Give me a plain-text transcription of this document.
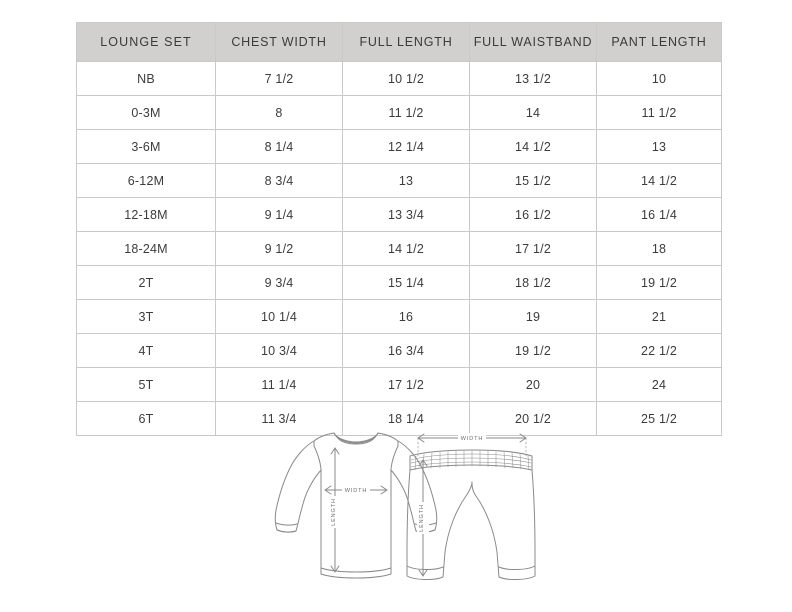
LOUNGE SET	CHEST WIDTH	FULL LENGTH	FULL WAISTBAND	PANT LENGTH
NB	7 1/2	10 1/2	13 1/2	10
0-3M	8	11 1/2	14	11 1/2
3-6M	8 1/4	12 1/4	14 1/2	13
6-12M	8 3/4	13	15 1/2	14 1/2
12-18M	9 1/4	13 3/4	16 1/2	16 1/4
18-24M	9 1/2	14 1/2	17 1/2	18
2T	9 3/4	15 1/4	18 1/2	19 1/2
3T	10 1/4	16	19	21
4T	10 3/4	16 3/4	19 1/2	22 1/2
5T	11 1/4	17 1/2	20	24
6T	11 3/4	18 1/4	20 1/2	25 1/2
WIDTH
LENGTH
WIDTH
LENGTH
